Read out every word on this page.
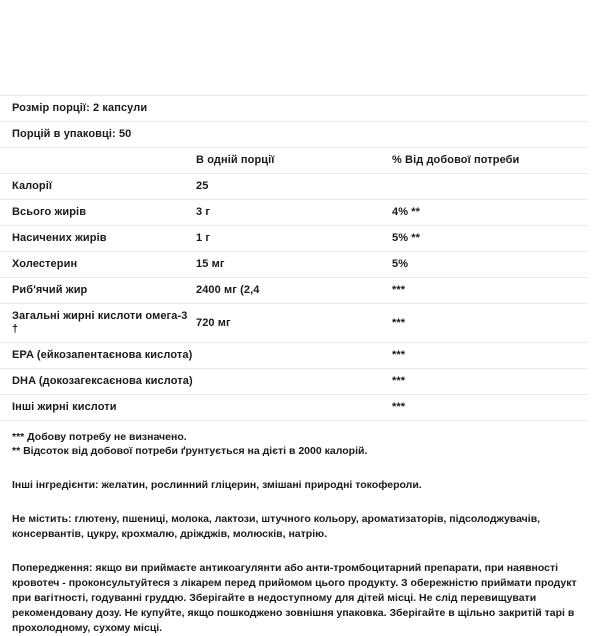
Розмір порції: 2 капсули		
Порцій в упаковці: 50		
	В одній порції	% Від добової потреби
Калорії	25	
Всього жирів	3 г	4% **
Насичених жирів	1 г	5% **
Холестерин	15 мг	5%
Риб'ячий жир	2400 мг (2,4	***
Загальні жирні кислоти омега-3 †	720 мг	***
EPA (ейкозапентаєнова кислота)		***
DHA (докозагексаєнова кислота)		***
Інші жирні кислоти		***
*** Добову потребу не визначено.
** Відсоток від добової потреби ґрунтується на дієті в 2000 калорій.

Інші інгредієнти: желатин, рослинний гліцерин, змішані природні токофероли.

Не містить: глютену, пшениці, молока, лактози, штучного кольору, ароматизаторів, підсолоджувачів, консервантів, цукру, крохмалю, дріжджів, молюсків, натрію.

Попередження: якщо ви приймаєте антикоагулянти або анти-тромбоцитарний препарати, при наявності кровотеч - проконсультуйтеся з лікарем перед прийомом цього продукту. З обережністю приймати продукт при вагітності, годуванні груддю. Зберігайте в недоступному для дітей місці. Не слід перевищувати рекомендовану дозу. Не купуйте, якщо пошкоджено зовнішня упаковка. Зберігайте в щільно закритій тарі в прохолодному, сухому місці.
